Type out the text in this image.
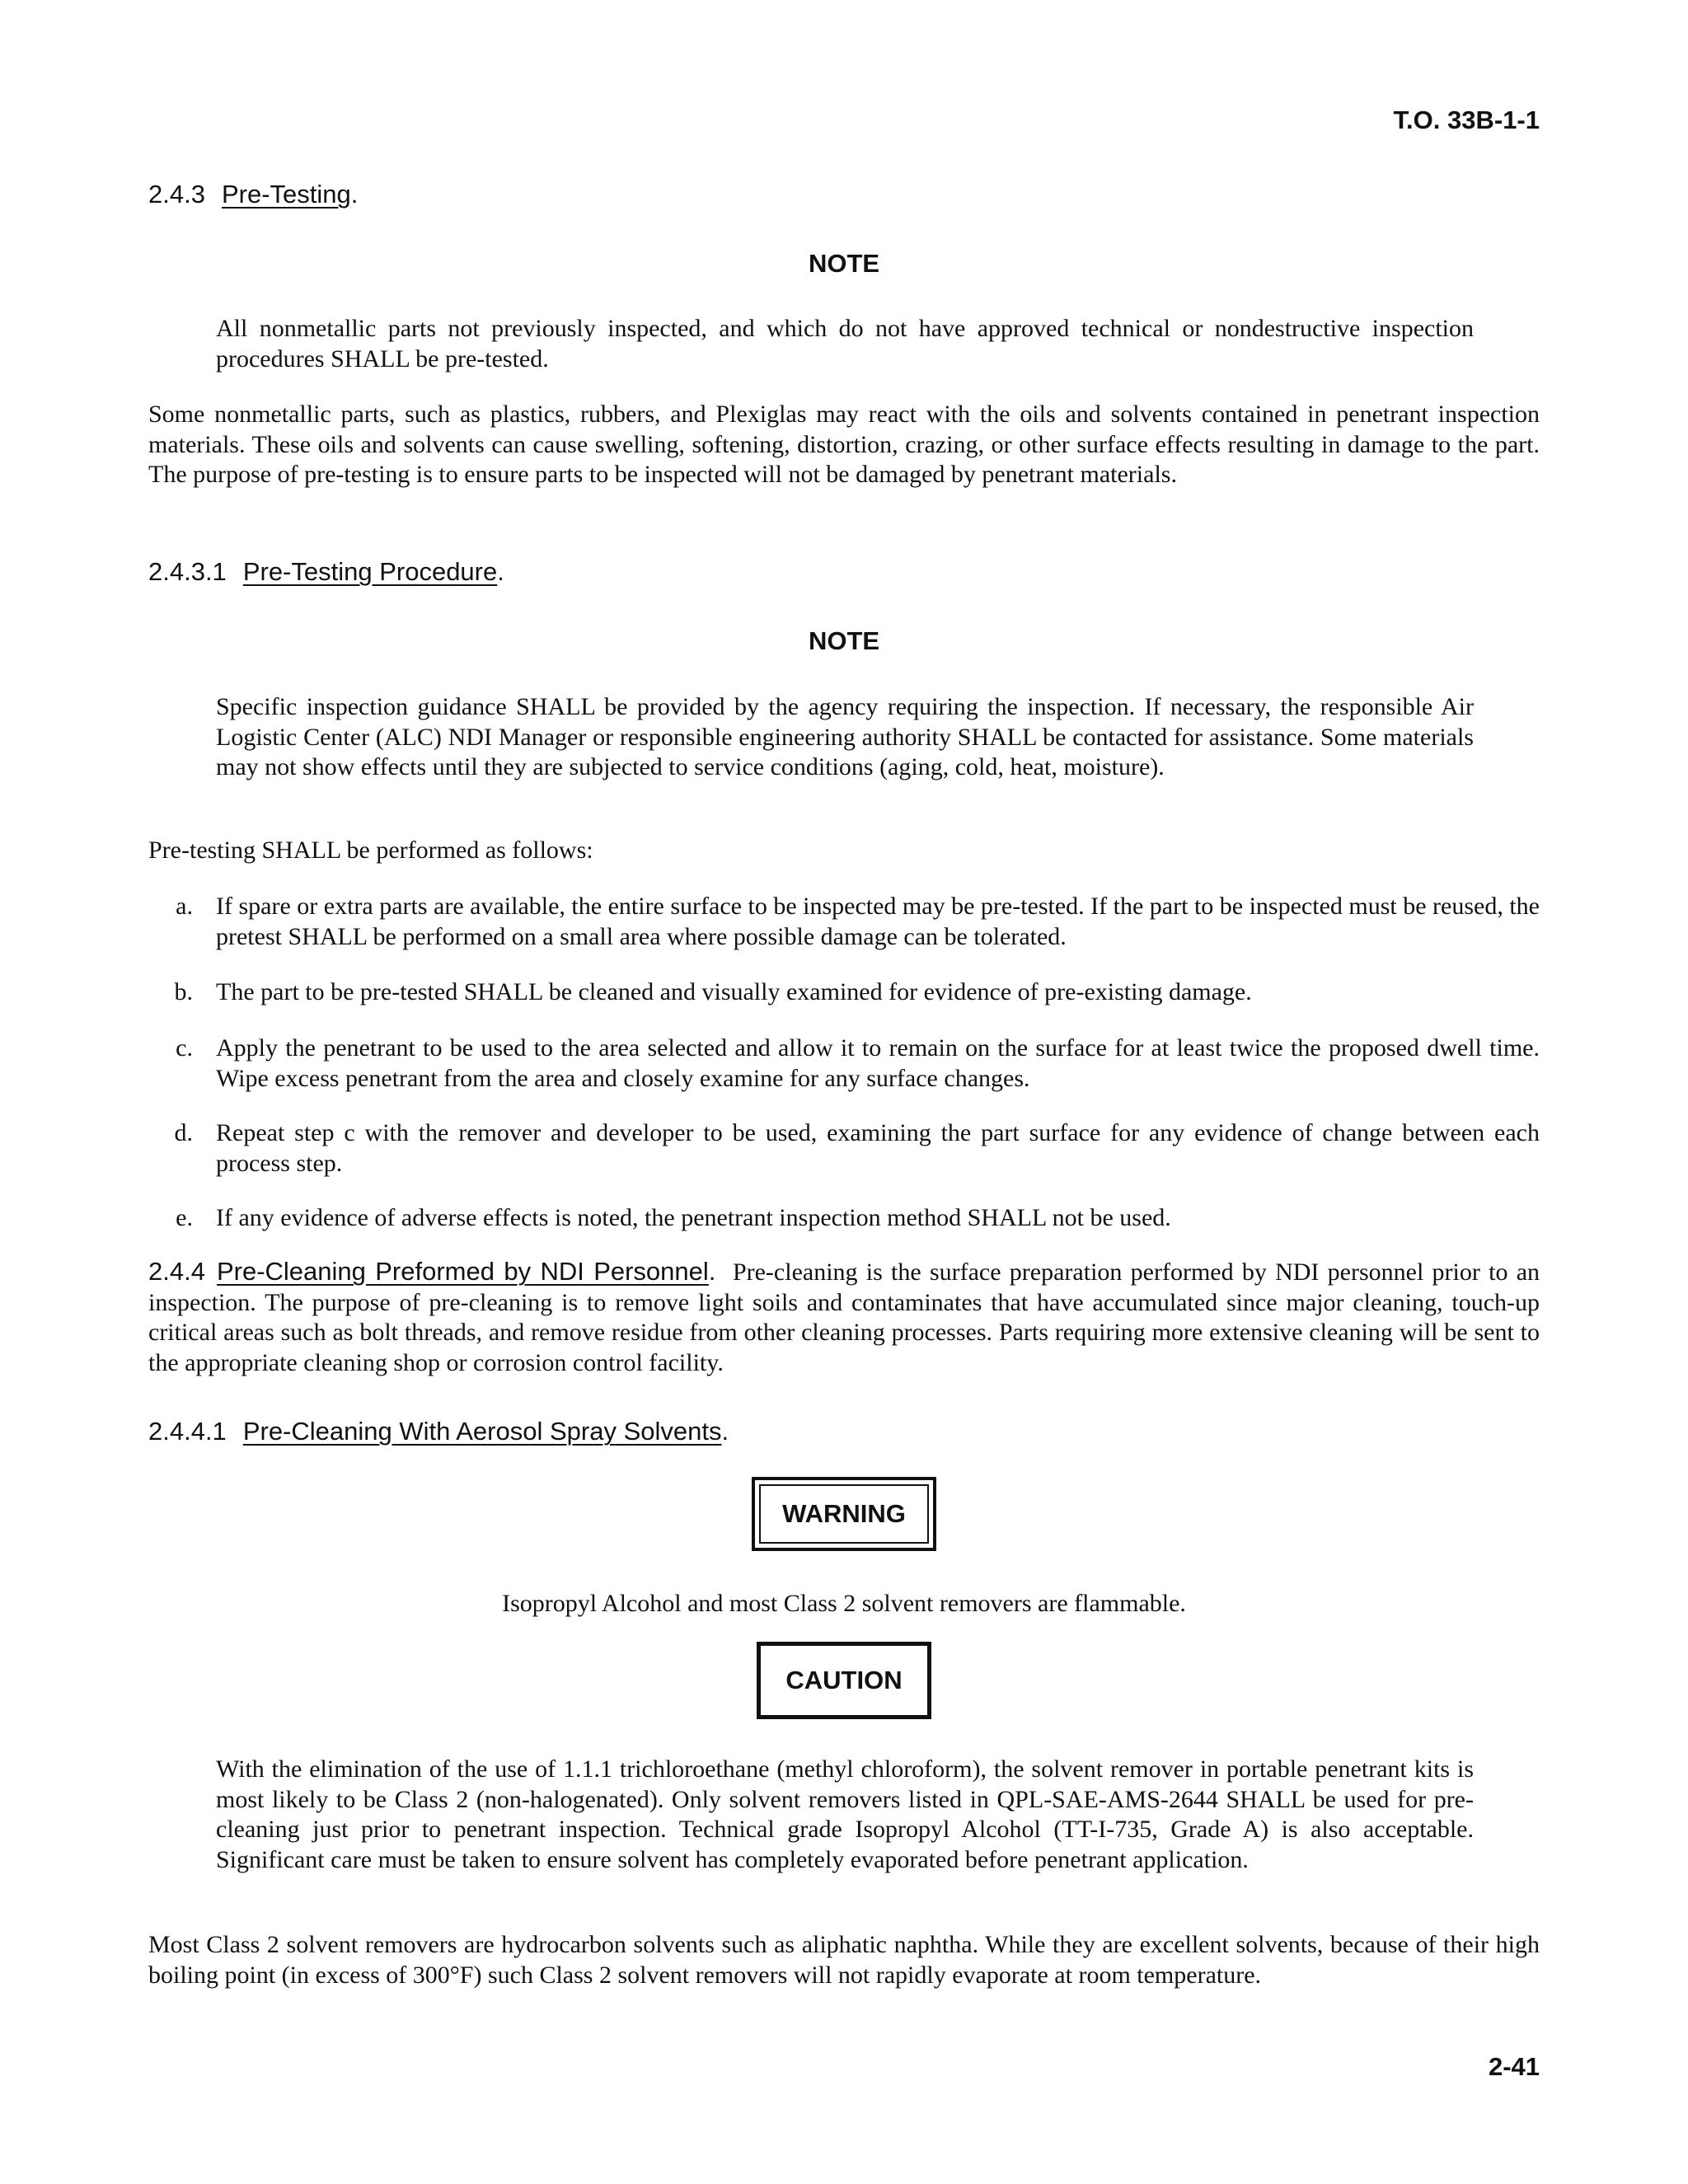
T.O. 33B-1-1
2.4.3 Pre-Testing.
NOTE
All nonmetallic parts not previously inspected, and which do not have approved technical or nondestructive inspection procedures SHALL be pre-tested.
Some nonmetallic parts, such as plastics, rubbers, and Plexiglas may react with the oils and solvents contained in penetrant inspection materials. These oils and solvents can cause swelling, softening, distortion, crazing, or other surface effects resulting in damage to the part. The purpose of pre-testing is to ensure parts to be inspected will not be damaged by penetrant materials.
2.4.3.1 Pre-Testing Procedure.
NOTE
Specific inspection guidance SHALL be provided by the agency requiring the inspection. If necessary, the responsible Air Logistic Center (ALC) NDI Manager or responsible engineering authority SHALL be contacted for assistance. Some materials may not show effects until they are subjected to service conditions (aging, cold, heat, moisture).
Pre-testing SHALL be performed as follows:
a. If spare or extra parts are available, the entire surface to be inspected may be pre-tested. If the part to be inspected must be reused, the pretest SHALL be performed on a small area where possible damage can be tolerated.
b. The part to be pre-tested SHALL be cleaned and visually examined for evidence of pre-existing damage.
c. Apply the penetrant to be used to the area selected and allow it to remain on the surface for at least twice the proposed dwell time. Wipe excess penetrant from the area and closely examine for any surface changes.
d. Repeat step c with the remover and developer to be used, examining the part surface for any evidence of change between each process step.
e. If any evidence of adverse effects is noted, the penetrant inspection method SHALL not be used.
2.4.4 Pre-Cleaning Preformed by NDI Personnel. Pre-cleaning is the surface preparation performed by NDI personnel prior to an inspection. The purpose of pre-cleaning is to remove light soils and contaminates that have accumulated since major cleaning, touch-up critical areas such as bolt threads, and remove residue from other cleaning processes. Parts requiring more extensive cleaning will be sent to the appropriate cleaning shop or corrosion control facility.
2.4.4.1 Pre-Cleaning With Aerosol Spray Solvents.
WARNING
Isopropyl Alcohol and most Class 2 solvent removers are flammable.
CAUTION
With the elimination of the use of 1.1.1 trichloroethane (methyl chloroform), the solvent remover in portable penetrant kits is most likely to be Class 2 (non-halogenated). Only solvent removers listed in QPL-SAE-AMS-2644 SHALL be used for pre-cleaning just prior to penetrant inspection. Technical grade Isopropyl Alcohol (TT-I-735, Grade A) is also acceptable. Significant care must be taken to ensure solvent has completely evaporated before penetrant application.
Most Class 2 solvent removers are hydrocarbon solvents such as aliphatic naphtha. While they are excellent solvents, because of their high boiling point (in excess of 300°F) such Class 2 solvent removers will not rapidly evaporate at room temperature.
2-41
